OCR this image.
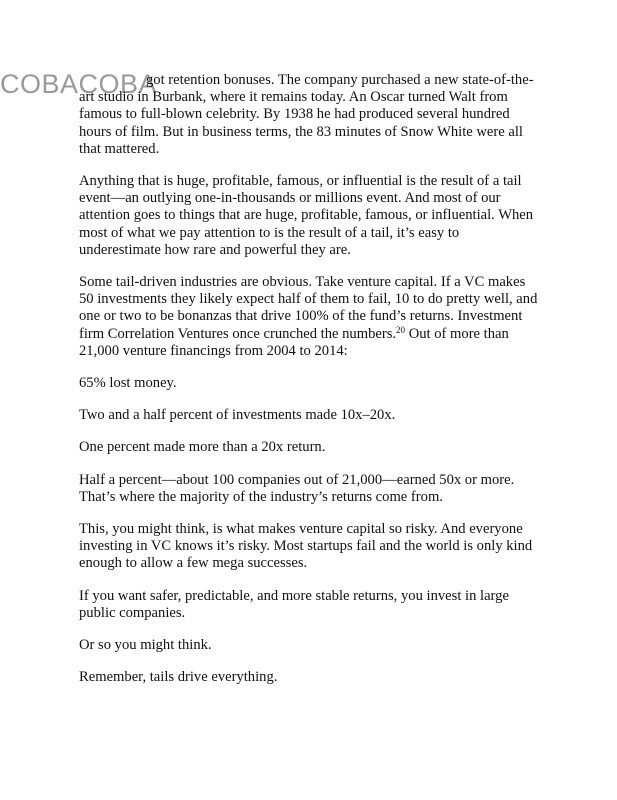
COBACOBA

got retention bonuses. The company purchased a new state-of-the-art studio in Burbank, where it remains today. An Oscar turned Walt from famous to full-blown celebrity. By 1938 he had produced several hundred hours of film. But in business terms, the 83 minutes of Snow White were all that mattered.

Anything that is huge, profitable, famous, or influential is the result of a tail event—an outlying one-in-thousands or millions event. And most of our attention goes to things that are huge, profitable, famous, or influential. When most of what we pay attention to is the result of a tail, it’s easy to underestimate how rare and powerful they are.

Some tail-driven industries are obvious. Take venture capital. If a VC makes 50 investments they likely expect half of them to fail, 10 to do pretty well, and one or two to be bonanzas that drive 100% of the fund’s returns. Investment firm Correlation Ventures once crunched the numbers.$^{20}$ Out of more than 21,000 venture financings from 2004 to 2014:

65% lost money.

Two and a half percent of investments made 10x–20x.

One percent made more than a 20x return.

Half a percent—about 100 companies out of 21,000—earned 50x or more. That’s where the majority of the industry’s returns come from.

This, you might think, is what makes venture capital so risky. And everyone investing in VC knows it’s risky. Most startups fail and the world is only kind enough to allow a few mega successes.

If you want safer, predictable, and more stable returns, you invest in large public companies.

Or so you might think.

Remember, tails drive everything.
